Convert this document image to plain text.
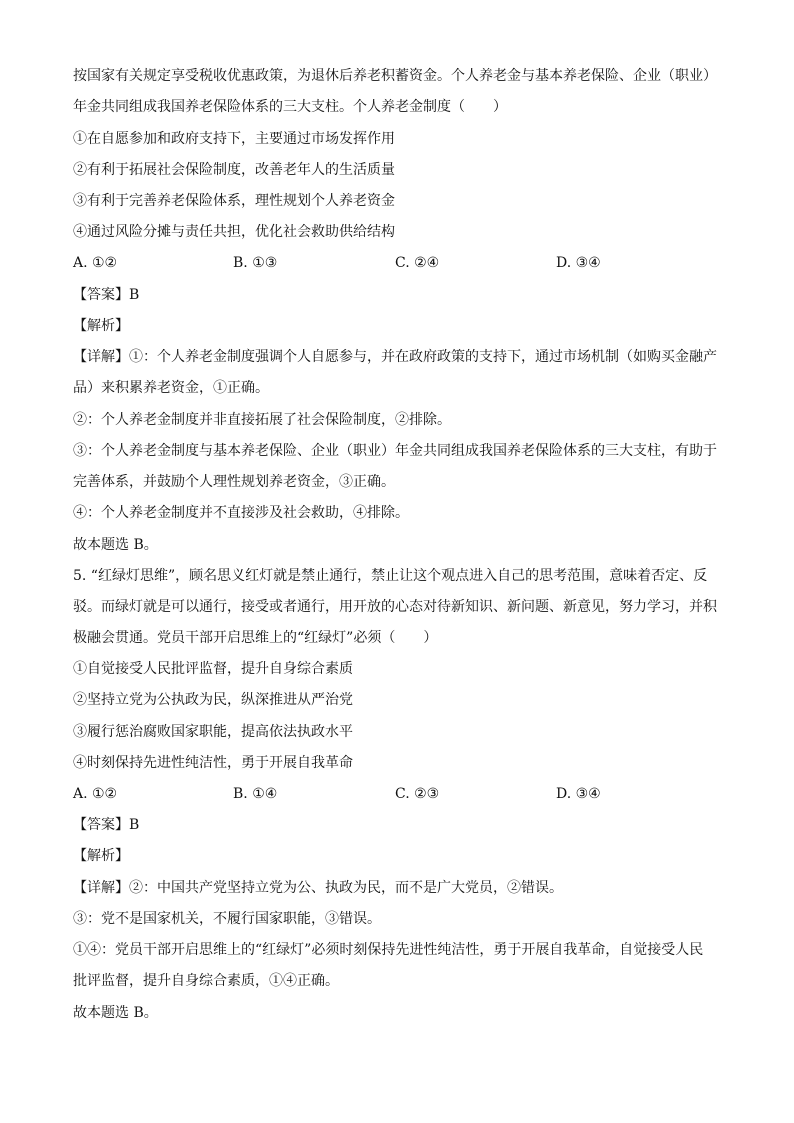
按国家有关规定享受税收优惠政策，为退休后养老积蓄资金。个人养老金与基本养老保险、企业（职业）
年金共同组成我国养老保险体系的三大支柱。个人养老金制度（　　）
①在自愿参加和政府支持下，主要通过市场发挥作用
②有利于拓展社会保险制度，改善老年人的生活质量
③有利于完善养老保险体系，理性规划个人养老资金
④通过风险分摊与责任共担，优化社会救助供给结构
A. ①②	B. ①③	C. ②④	D. ③④
【答案】B
【解析】
【详解】①：个人养老金制度强调个人自愿参与，并在政府政策的支持下，通过市场机制（如购买金融产
品）来积累养老资金，①正确。
②：个人养老金制度并非直接拓展了社会保险制度，②排除。
③：个人养老金制度与基本养老保险、企业（职业）年金共同组成我国养老保险体系的三大支柱，有助于
完善体系，并鼓励个人理性规划养老资金，③正确。
④：个人养老金制度并不直接涉及社会救助，④排除。
故本题选 B。
5. “红绿灯思维”，顾名思义红灯就是禁止通行，禁止让这个观点进入自己的思考范围，意味着否定、反
驳。而绿灯就是可以通行，接受或者通行，用开放的心态对待新知识、新问题、新意见，努力学习，并积
极融会贯通。党员干部开启思维上的“红绿灯”必须（　　）
①自觉接受人民批评监督，提升自身综合素质
②坚持立党为公执政为民，纵深推进从严治党
③履行惩治腐败国家职能，提高依法执政水平
④时刻保持先进性纯洁性，勇于开展自我革命
A. ①②	B. ①④	C. ②③	D. ③④
【答案】B
【解析】
【详解】②：中国共产党坚持立党为公、执政为民，而不是广大党员，②错误。
③：党不是国家机关，不履行国家职能，③错误。
①④：党员干部开启思维上的“红绿灯”必须时刻保持先进性纯洁性，勇于开展自我革命，自觉接受人民
批评监督，提升自身综合素质，①④正确。
故本题选 B。
